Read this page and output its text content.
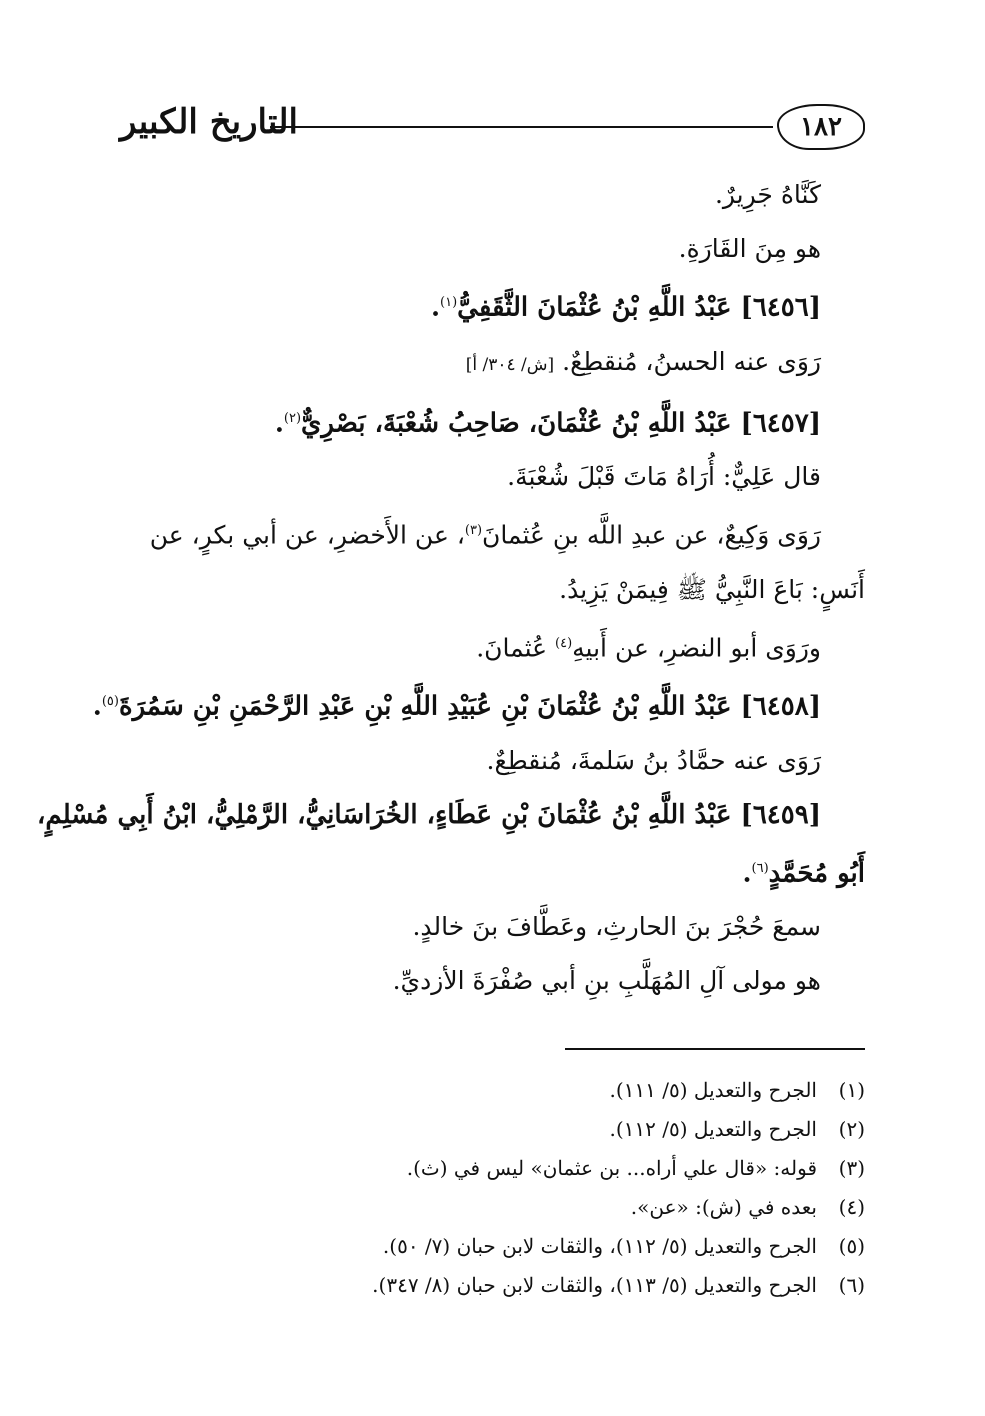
التاريخ الكبير	١٨٢

كَنَّاهُ جَرِيرٌ.

هو مِنَ القَارَةِ.

[٦٤٥٦] عَبْدُ اللَّهِ بْنُ عُثْمَانَ الثَّقَفِيُّ$^{(١)}$.

رَوَى عنه الحسنُ، مُنقطِعٌ. [ش/ ٣٠٤/ أ]

[٦٤٥٧] عَبْدُ اللَّهِ بْنُ عُثْمَانَ، صَاحِبُ شُعْبَةَ، بَصْرِيٌّ$^{(٢)}$.

قال عَلِيٌّ: أُرَاهُ مَاتَ قَبْلَ شُعْبَةَ.

رَوَى وَكِيعٌ، عن عبدِ اللَّه بنِ عُثمانَ$^{(٣)}$، عن الأَخضرِ، عن أبي بكرٍ، عن

أَنَسٍ: بَاعَ النَّبِيُّ ﷺ فِيمَنْ يَزِيدُ.

ورَوَى أبو النضرِ، عن أَبيهِ$^{(٤)}$ عُثمانَ.

[٦٤٥٨] عَبْدُ اللَّهِ بْنُ عُثْمَانَ بْنِ عُبَيْدِ اللَّهِ بْنِ عَبْدِ الرَّحْمَنِ بْنِ سَمُرَةَ$^{(٥)}$.

رَوَى عنه حمَّادُ بنُ سَلمةَ، مُنقطِعٌ.

[٦٤٥٩] عَبْدُ اللَّهِ بْنُ عُثْمَانَ بْنِ عَطَاءٍ، الخُرَاسَانِيُّ، الرَّمْلِيُّ، ابْنُ أَبِي مُسْلِمٍ،

أَبُو مُحَمَّدٍ$^{(٦)}$.

سمعَ حُجْرَ بنَ الحارثِ، وعَطَّافَ بنَ خالدٍ.

هو مولى آلِ المُهَلَّبِ بنِ أبي صُفْرَةَ الأزديِّ.

(١)الجرح والتعديل (٥/ ١١١).
(٢)الجرح والتعديل (٥/ ١١٢).
(٣)قوله: «قال علي أراه... بن عثمان» ليس في (ث).
(٤)بعده في (ش): «عن».
(٥)الجرح والتعديل (٥/ ١١٢)، والثقات لابن حبان (٧/ ٥٠).
(٦)الجرح والتعديل (٥/ ١١٣)، والثقات لابن حبان (٨/ ٣٤٧).
